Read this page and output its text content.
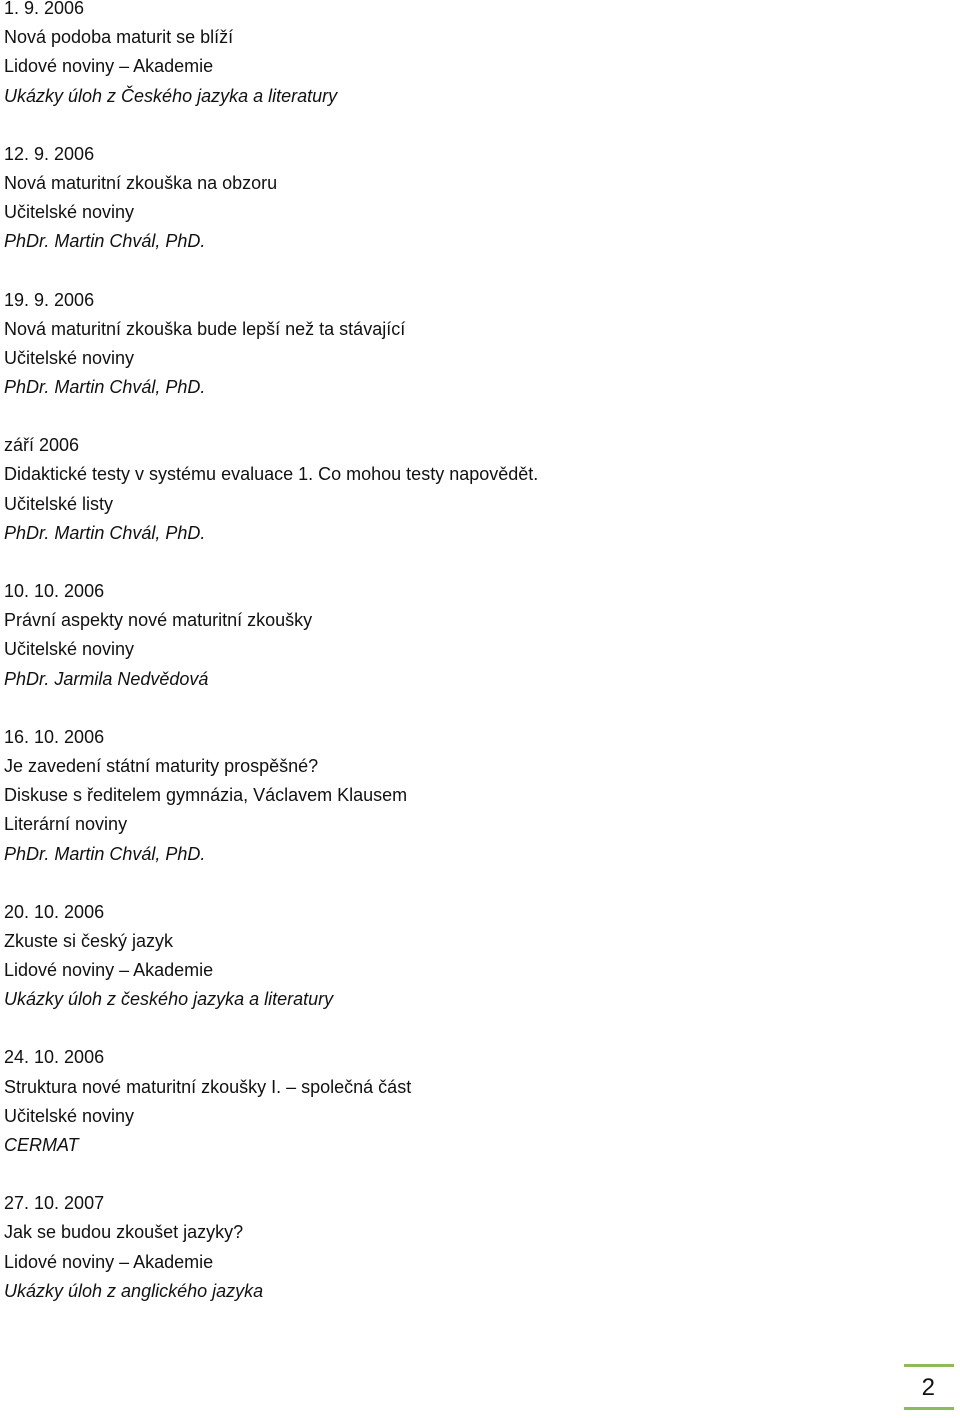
1. 9. 2006
Nová podoba maturit se blíží
Lidové noviny – Akademie
Ukázky úloh z Českého jazyka a literatury
12. 9. 2006
Nová maturitní zkouška na obzoru
Učitelské noviny
PhDr. Martin Chvál, PhD.
19. 9. 2006
Nová maturitní zkouška bude lepší než ta stávající
Učitelské noviny
PhDr. Martin Chvál, PhD.
září 2006
Didaktické testy v systému evaluace 1. Co mohou testy napovědět.
Učitelské listy
PhDr. Martin Chvál, PhD.
10. 10. 2006
Právní aspekty nové maturitní zkoušky
Učitelské noviny
PhDr. Jarmila Nedvědová
16. 10. 2006
Je zavedení státní maturity prospěšné?
Diskuse s ředitelem gymnázia, Václavem Klausem
Literární noviny
PhDr. Martin Chvál, PhD.
20. 10. 2006
Zkuste si český jazyk
Lidové noviny – Akademie
Ukázky úloh z českého jazyka a literatury
24. 10. 2006
Struktura nové maturitní zkoušky I. – společná část
Učitelské noviny
CERMAT
27. 10. 2007
Jak se budou zkoušet jazyky?
Lidové noviny – Akademie
Ukázky úloh z anglického jazyka
2
